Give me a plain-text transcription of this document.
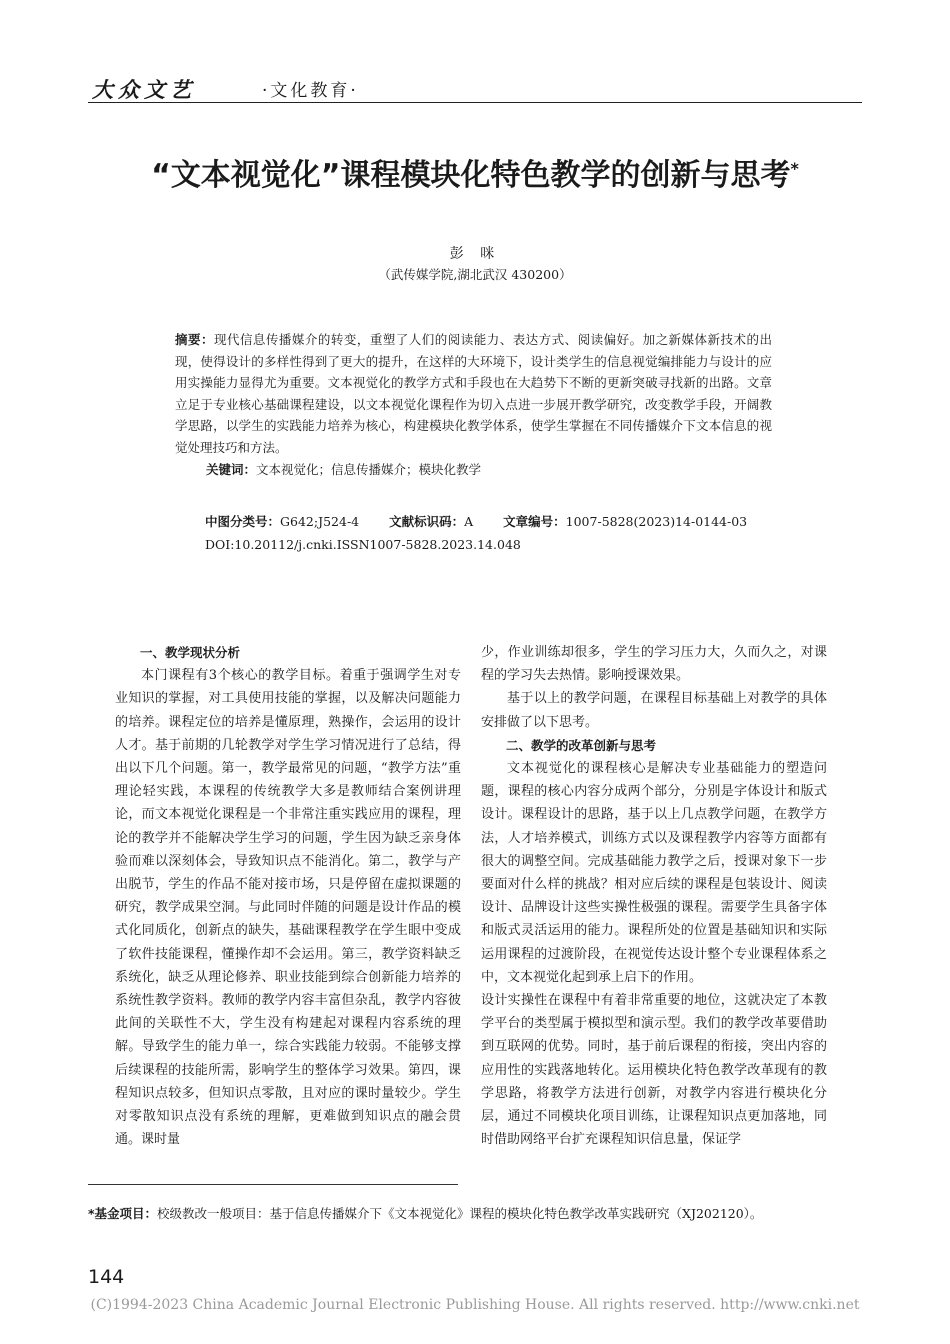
大众文艺	·文化教育·
“文本视觉化”课程模块化特色教学的创新与思考*
彭 咪
（武传媒学院,湖北武汉 430200）
摘要：现代信息传播媒介的转变，重塑了人们的阅读能力、表达方式、阅读偏好。加之新媒体新技术的出现，使得设计的多样性得到了更大的提升，在这样的大环境下，设计类学生的信息视觉编排能力与设计的应用实操能力显得尤为重要。文本视觉化的教学方式和手段也在大趋势下不断的更新突破寻找新的出路。文章立足于专业核心基础课程建设，以文本视觉化课程作为切入点进一步展开教学研究，改变教学手段，开阔教学思路，以学生的实践能力培养为核心，构建模块化教学体系，使学生掌握在不同传播媒介下文本信息的视觉处理技巧和方法。
关键词：文本视觉化；信息传播媒介；模块化教学
中图分类号：G642;J524-4 文献标识码：A 文章编号：1007-5828(2023)14-0144-03
DOI:10.20112/j.cnki.ISSN1007-5828.2023.14.048
一、教学现状分析

本门课程有3个核心的教学目标。着重于强调学生对专业知识的掌握，对工具使用技能的掌握，以及解决问题能力的培养。课程定位的培养是懂原理，熟操作，会运用的设计人才。基于前期的几轮教学对学生学习情况进行了总结，得出以下几个问题。第一，教学最常见的问题，“教学方法”重理论轻实践，本课程的传统教学大多是教师结合案例讲理论，而文本视觉化课程是一个非常注重实践应用的课程，理论的教学并不能解决学生学习的问题，学生因为缺乏亲身体验而难以深刻体会，导致知识点不能消化。第二，教学与产出脱节，学生的作品不能对接市场，只是停留在虚拟课题的研究，教学成果空洞。与此同时伴随的问题是设计作品的模式化同质化，创新点的缺失，基础课程教学在学生眼中变成了软件技能课程，懂操作却不会运用。第三，教学资料缺乏系统化，缺乏从理论修养、职业技能到综合创新能力培养的系统性教学资料。教师的教学内容丰富但杂乱，教学内容彼此间的关联性不大，学生没有构建起对课程内容系统的理解。导致学生的能力单一，综合实践能力较弱。不能够支撑后续课程的技能所需，影响学生的整体学习效果。第四，课程知识点较多，但知识点零散，且对应的课时量较少。学生对零散知识点没有系统的理解，更难做到知识点的融会贯通。课时量

少，作业训练却很多，学生的学习压力大，久而久之，对课程的学习失去热情。影响授课效果。

基于以上的教学问题，在课程目标基础上对教学的具体安排做了以下思考。

二、教学的改革创新与思考

文本视觉化的课程核心是解决专业基础能力的塑造问题，课程的核心内容分成两个部分，分别是字体设计和版式设计。课程设计的思路，基于以上几点教学问题，在教学方法，人才培养模式，训练方式以及课程教学内容等方面都有很大的调整空间。完成基础能力教学之后，授课对象下一步要面对什么样的挑战？相对应后续的课程是包装设计、阅读设计、品牌设计这些实操性极强的课程。需要学生具备字体和版式灵活运用的能力。课程所处的位置是基础知识和实际运用课程的过渡阶段，在视觉传达设计整个专业课程体系之中，文本视觉化起到承上启下的作用。

设计实操性在课程中有着非常重要的地位，这就决定了本教学平台的类型属于模拟型和演示型。我们的教学改革要借助到互联网的优势。同时，基于前后课程的衔接，突出内容的应用性的实践落地转化。运用模块化特色教学改革现有的教学思路，将教学方法进行创新，对教学内容进行模块化分层，通过不同模块化项目训练，让课程知识点更加落地，同时借助网络平台扩充课程知识信息量，保证学

*基金项目：校级教改一般项目：基于信息传播媒介下《文本视觉化》课程的模块化特色教学改革实践研究（XJ202120）。
144
(C)1994-2023 China Academic Journal Electronic Publishing House. All rights reserved. http://www.cnki.net
